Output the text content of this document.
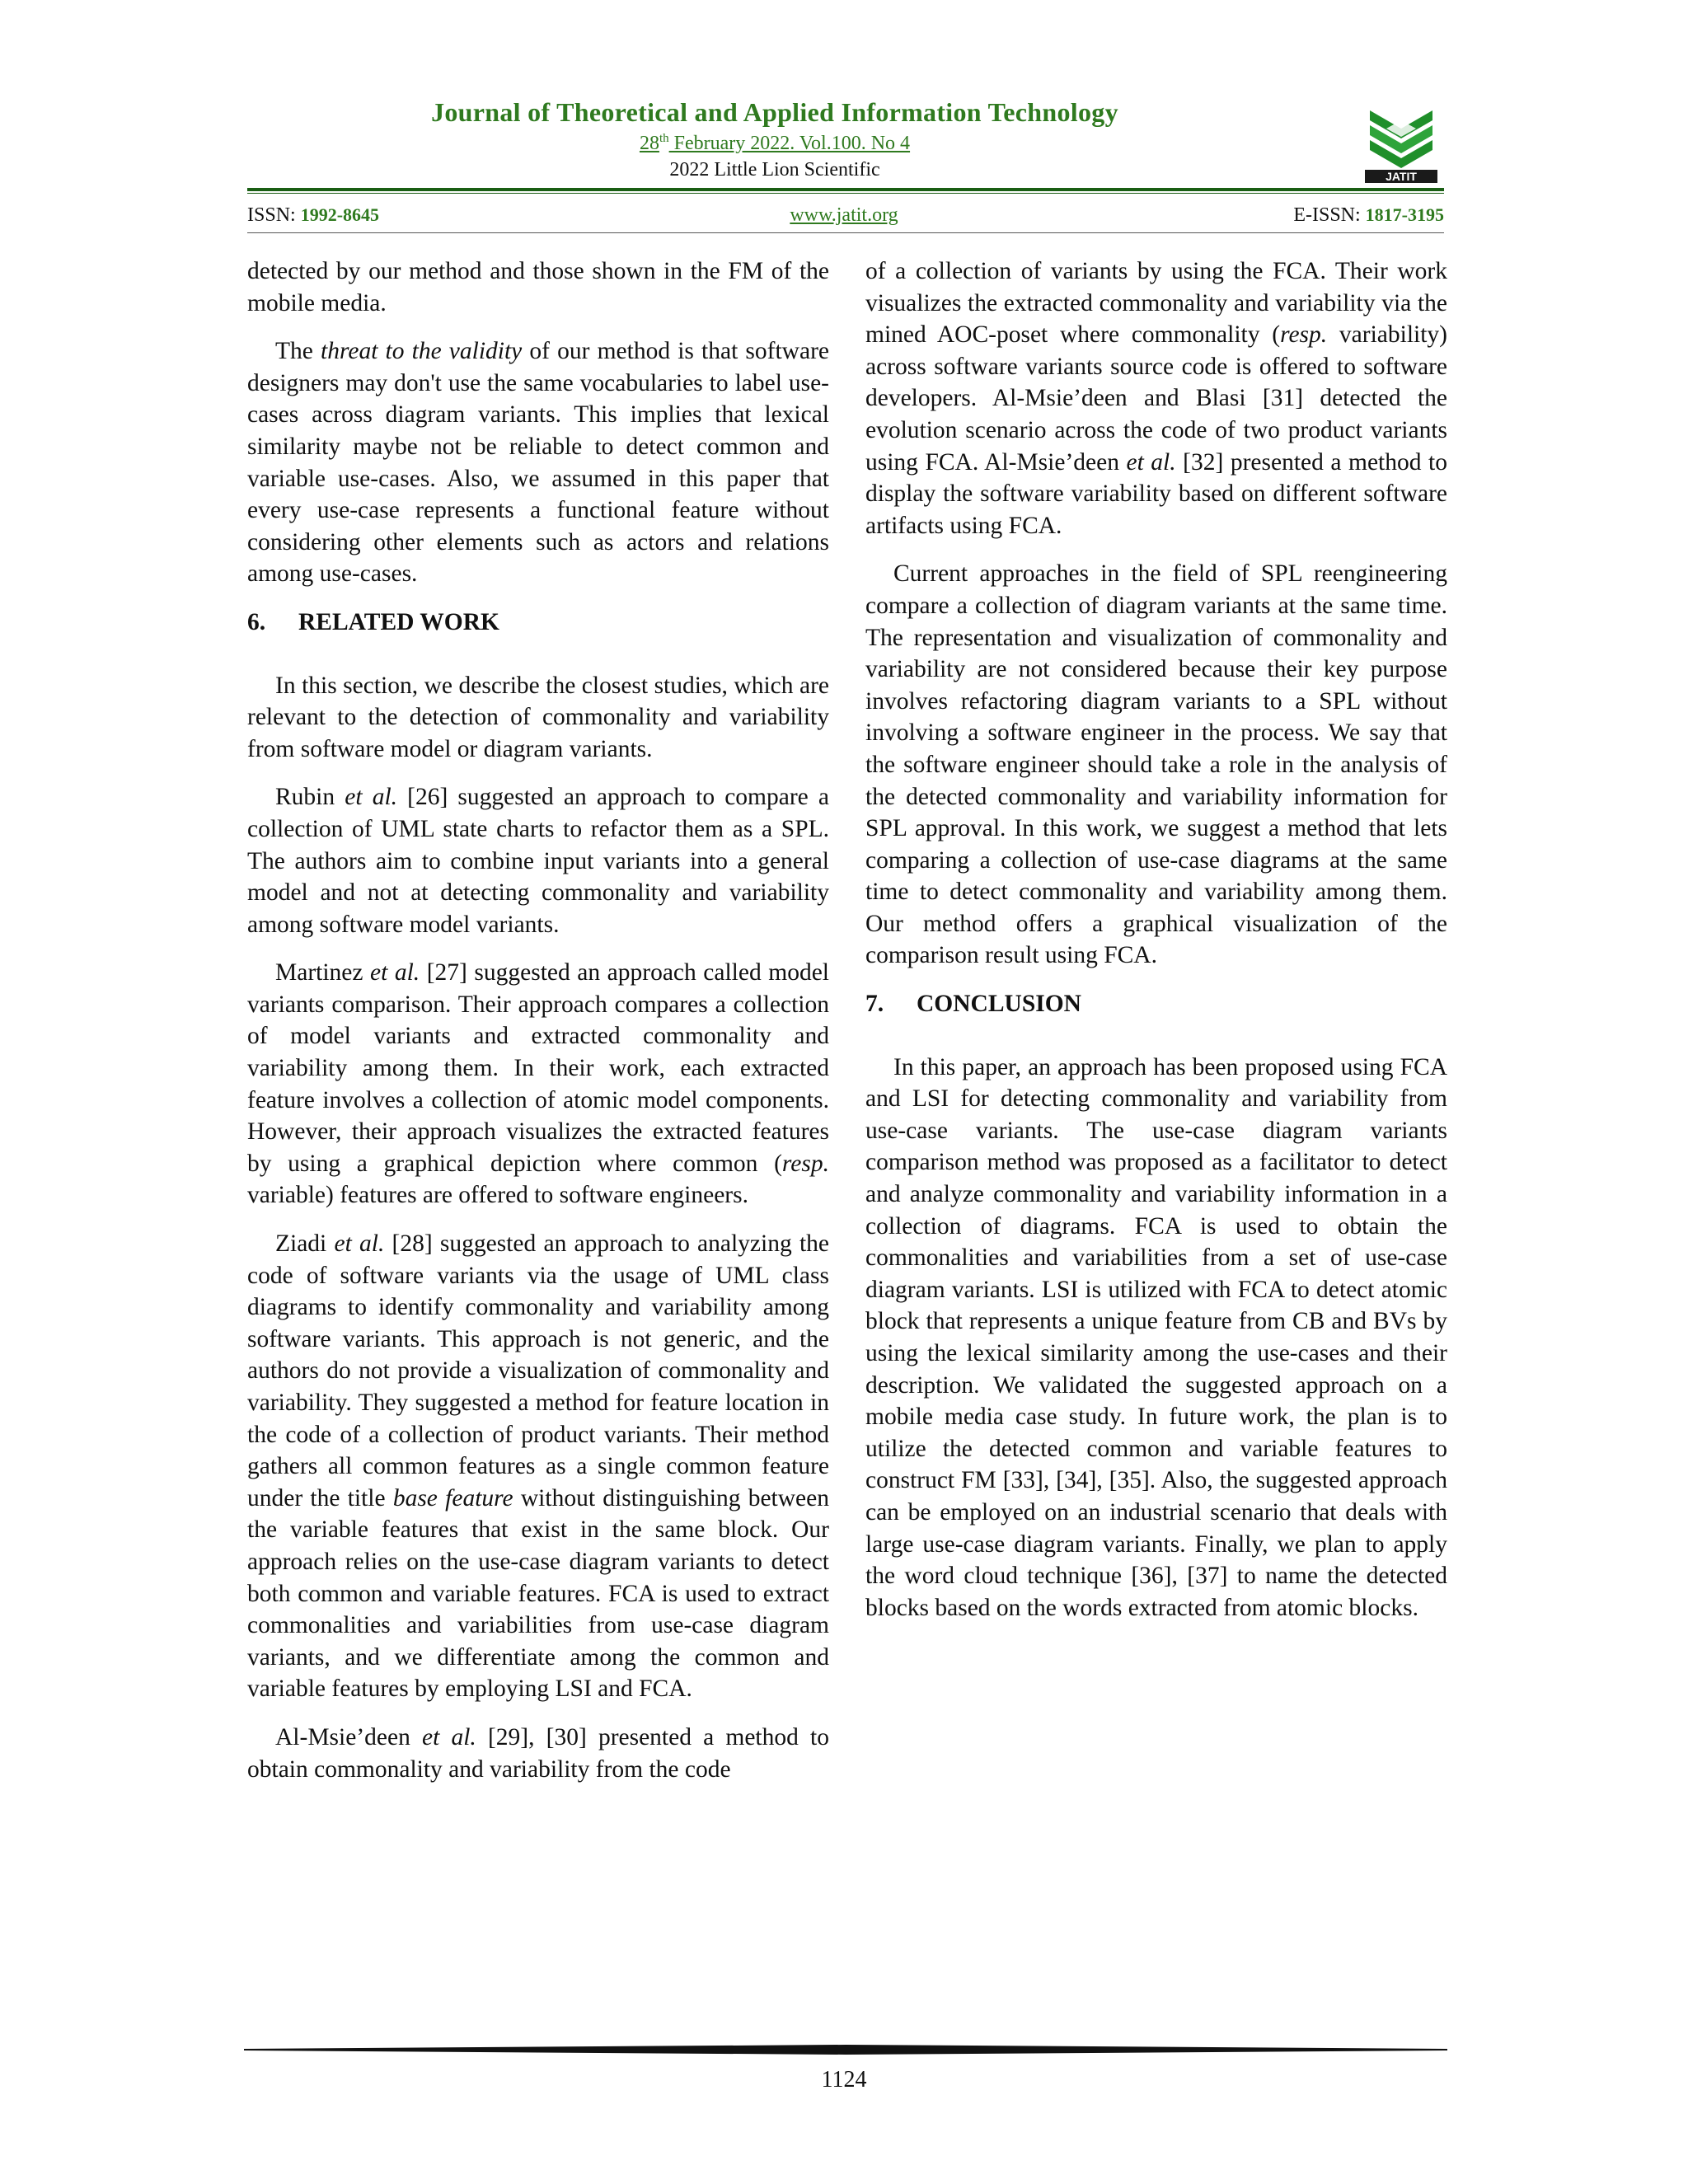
Journal of Theoretical and Applied Information Technology
28th February 2022. Vol.100. No 4
2022 Little Lion Scientific	JATIT
ISSN: 1992-8645	www.jatit.org	E-ISSN: 1817-3195

detected by our method and those shown in the FM of the mobile media.

The threat to the validity of our method is that software designers may don't use the same vocabularies to label use-cases across diagram variants. This implies that lexical similarity maybe not be reliable to detect common and variable use-cases. Also, we assumed in this paper that every use-case represents a functional feature without considering other elements such as actors and relations among use-cases.

6. RELATED WORK

In this section, we describe the closest studies, which are relevant to the detection of commonality and variability from software model or diagram variants.

Rubin et al. [26] suggested an approach to compare a collection of UML state charts to refactor them as a SPL. The authors aim to combine input variants into a general model and not at detecting commonality and variability among software model variants.

Martinez et al. [27] suggested an approach called model variants comparison. Their approach compares a collection of model variants and extracted commonality and variability among them. In their work, each extracted feature involves a collection of atomic model components. However, their approach visualizes the extracted features by using a graphical depiction where common (resp. variable) features are offered to software engineers.

Ziadi et al. [28] suggested an approach to analyzing the code of software variants via the usage of UML class diagrams to identify commonality and variability among software variants. This approach is not generic, and the authors do not provide a visualization of commonality and variability. They suggested a method for feature location in the code of a collection of product variants. Their method gathers all common features as a single common feature under the title base feature without distinguishing between the variable features that exist in the same block. Our approach relies on the use-case diagram variants to detect both common and variable features. FCA is used to extract commonalities and variabilities from use-case diagram variants, and we differentiate among the common and variable features by employing LSI and FCA.

Al-Msie’deen et al. [29], [30] presented a method to obtain commonality and variability from the code

of a collection of variants by using the FCA. Their work visualizes the extracted commonality and variability via the mined AOC-poset where commonality (resp. variability) across software variants source code is offered to software developers. Al-Msie’deen and Blasi [31] detected the evolution scenario across the code of two product variants using FCA. Al-Msie’deen et al. [32] presented a method to display the software variability based on different software artifacts using FCA.

Current approaches in the field of SPL reengineering compare a collection of diagram variants at the same time. The representation and visualization of commonality and variability are not considered because their key purpose involves refactoring diagram variants to a SPL without involving a software engineer in the process. We say that the software engineer should take a role in the analysis of the detected commonality and variability information for SPL approval. In this work, we suggest a method that lets comparing a collection of use-case diagrams at the same time to detect commonality and variability among them. Our method offers a graphical visualization of the comparison result using FCA.

7. CONCLUSION

In this paper, an approach has been proposed using FCA and LSI for detecting commonality and variability from use-case variants. The use-case diagram variants comparison method was proposed as a facilitator to detect and analyze commonality and variability information in a collection of diagrams. FCA is used to obtain the commonalities and variabilities from a set of use-case diagram variants. LSI is utilized with FCA to detect atomic block that represents a unique feature from CB and BVs by using the lexical similarity among the use-cases and their description. We validated the suggested approach on a mobile media case study. In future work, the plan is to utilize the detected common and variable features to construct FM [33], [34], [35]. Also, the suggested approach can be employed on an industrial scenario that deals with large use-case diagram variants. Finally, we plan to apply the word cloud technique [36], [37] to name the detected blocks based on the words extracted from atomic blocks.

1124
